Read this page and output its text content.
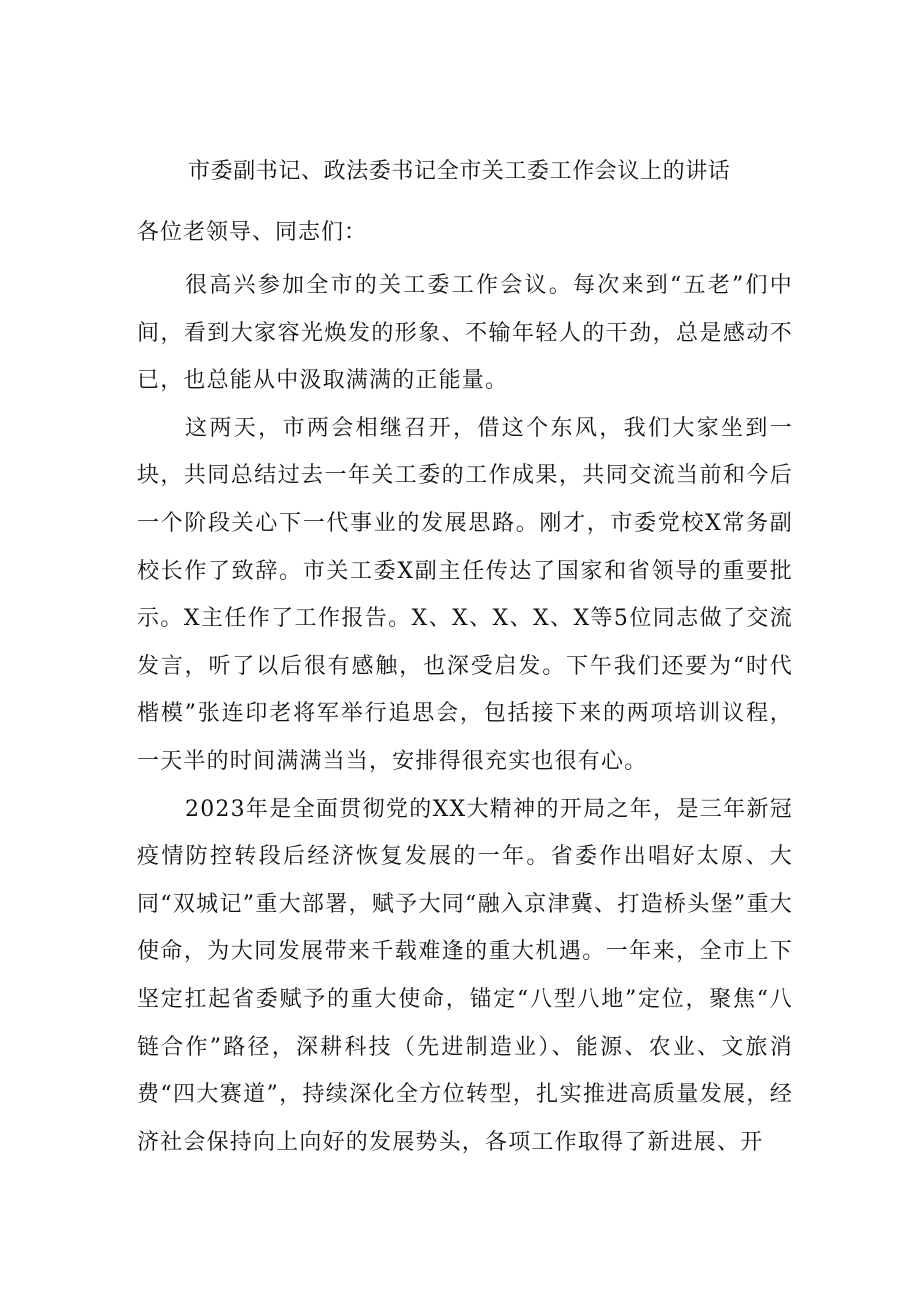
市委副书记、政法委书记全市关工委工作会议上的讲话
各位老领导、同志们：

很高兴参加全市的关工委工作会议。每次来到“五老”们中间，看到大家容光焕发的形象、不输年轻人的干劲，总是感动不已，也总能从中汲取满满的正能量。

这两天，市两会相继召开，借这个东风，我们大家坐到一块，共同总结过去一年关工委的工作成果，共同交流当前和今后一个阶段关心下一代事业的发展思路。刚才，市委党校X常务副校长作了致辞。市关工委X副主任传达了国家和省领导的重要批示。X主任作了工作报告。X、X、X、X、X等5位同志做了交流发言，听了以后很有感触，也深受启发。下午我们还要为“时代楷模”张连印老将军举行追思会，包括接下来的两项培训议程，一天半的时间满满当当，安排得很充实也很有心。

2023年是全面贯彻党的XX大精神的开局之年，是三年新冠疫情防控转段后经济恢复发展的一年。省委作出唱好太原、大同“双城记”重大部署，赋予大同“融入京津冀、打造桥头堡”重大使命，为大同发展带来千载难逢的重大机遇。一年来，全市上下坚定扛起省委赋予的重大使命，锚定“八型八地”定位，聚焦“八链合作”路径，深耕科技（先进制造业）、能源、农业、文旅消费“四大赛道”，持续深化全方位转型，扎实推进高质量发展，经济社会保持向上向好的发展势头，各项工作取得了新进展、开
